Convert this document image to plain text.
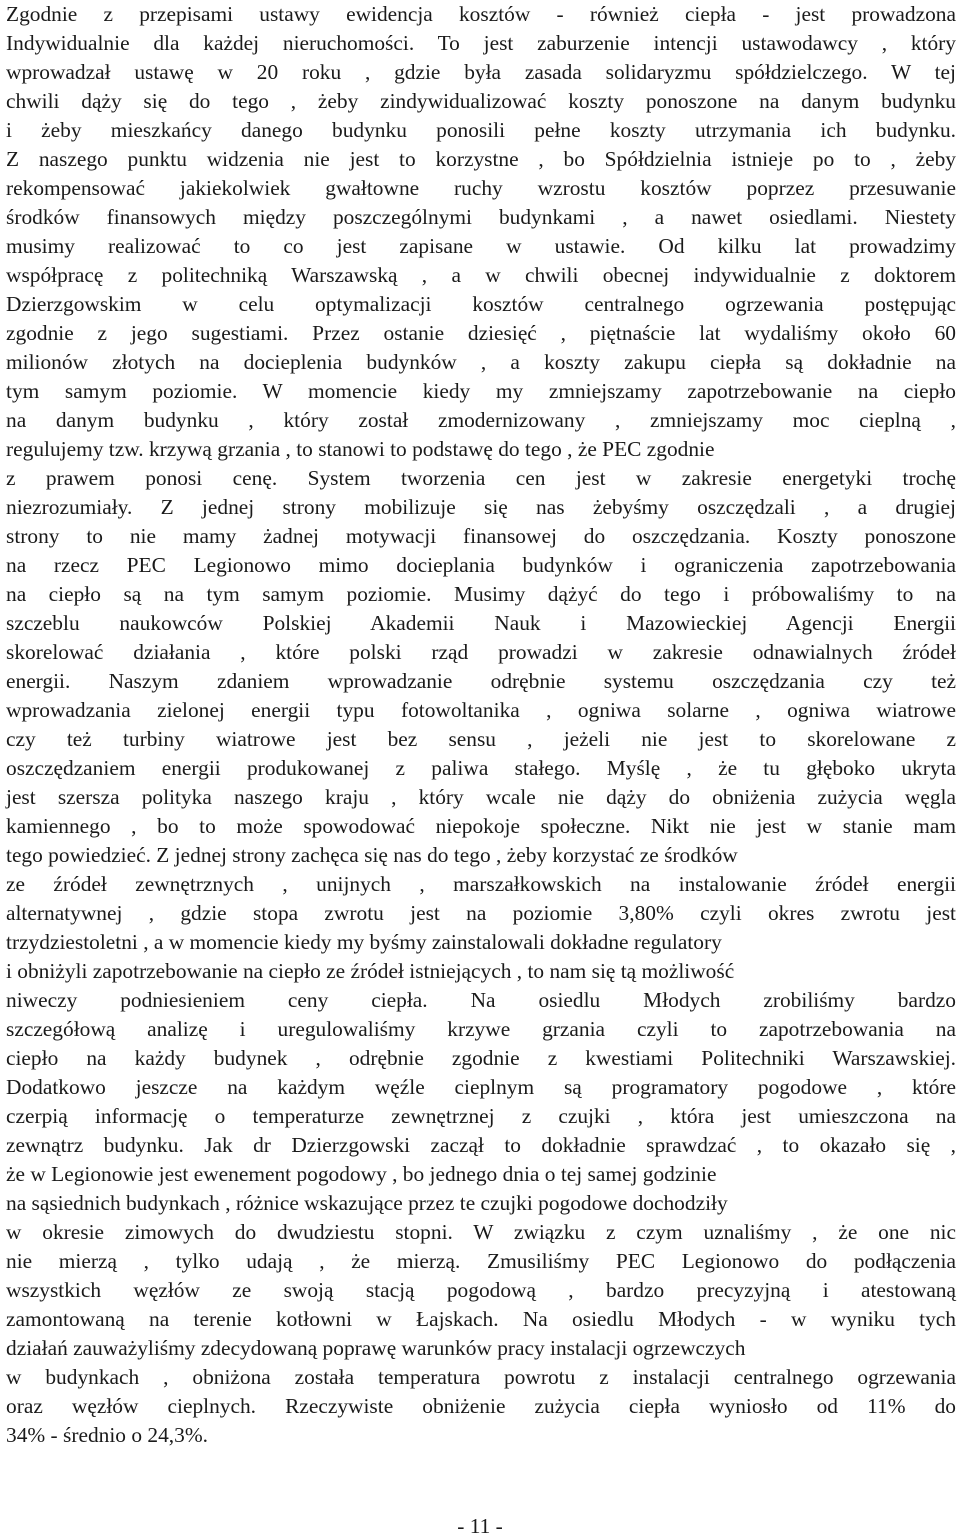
Zgodnie z przepisami ustawy ewidencja kosztów - również ciepła - jest prowadzona
Indywidualnie dla każdej nieruchomości. To jest zaburzenie intencji ustawodawcy , który
wprowadzał ustawę w 20 roku , gdzie była zasada solidaryzmu spółdzielczego. W tej
chwili dąży się do tego , żeby zindywidualizować koszty ponoszone na danym budynku
i żeby mieszkańcy danego budynku ponosili pełne koszty utrzymania ich budynku.
Z naszego punktu widzenia nie jest to korzystne , bo Spółdzielnia istnieje po to , żeby
rekompensować jakiekolwiek gwałtowne ruchy wzrostu kosztów poprzez przesuwanie
środków finansowych między poszczególnymi budynkami , a nawet osiedlami. Niestety
musimy realizować to co jest zapisane w ustawie. Od kilku lat prowadzimy
współpracę z politechniką Warszawską , a w chwili obecnej indywidualnie z doktorem
Dzierzgowskim w celu optymalizacji kosztów centralnego ogrzewania postępując
zgodnie z jego sugestiami. Przez ostanie dziesięć , piętnaście lat wydaliśmy około 60
milionów złotych na docieplenia budynków , a koszty zakupu ciepła są dokładnie na
tym samym poziomie. W momencie kiedy my zmniejszamy zapotrzebowanie na ciepło
na danym budynku , który został zmodernizowany , zmniejszamy moc cieplną ,
regulujemy tzw. krzywą grzania , to stanowi to podstawę do tego , że PEC zgodnie
z prawem ponosi cenę. System tworzenia cen jest w zakresie energetyki trochę
niezrozumiały. Z jednej strony mobilizuje się nas żebyśmy oszczędzali , a drugiej
strony to nie mamy żadnej motywacji finansowej do oszczędzania. Koszty ponoszone
na rzecz PEC Legionowo mimo docieplania budynków i ograniczenia zapotrzebowania
na ciepło są na tym samym poziomie. Musimy dążyć do tego i próbowaliśmy to na
szczeblu naukowców Polskiej Akademii Nauk i Mazowieckiej Agencji Energii
skorelować działania , które polski rząd prowadzi w zakresie odnawialnych źródeł
energii. Naszym zdaniem wprowadzanie odrębnie systemu oszczędzania czy też
wprowadzania zielonej energii typu fotowoltanika , ogniwa solarne , ogniwa wiatrowe
czy też turbiny wiatrowe jest bez sensu , jeżeli nie jest to skorelowane z
oszczędzaniem energii produkowanej z paliwa stałego. Myślę , że tu głęboko ukryta
jest szersza polityka naszego kraju , który wcale nie dąży do obniżenia zużycia węgla
kamiennego , bo to może spowodować niepokoje społeczne. Nikt nie jest w stanie mam
tego powiedzieć. Z jednej strony zachęca się nas do tego , żeby korzystać ze środków
ze źródeł zewnętrznych , unijnych , marszałkowskich na instalowanie źródeł energii
alternatywnej , gdzie stopa zwrotu jest na poziomie 3,80% czyli okres zwrotu jest
trzydziestoletni , a w momencie kiedy my byśmy zainstalowali dokładne regulatory
i obniżyli zapotrzebowanie na ciepło ze źródeł istniejących , to nam się tą możliwość
niweczy podniesieniem ceny ciepła. Na osiedlu Młodych zrobiliśmy bardzo
szczegółową analizę i uregulowaliśmy krzywe grzania czyli to zapotrzebowania na
ciepło na każdy budynek , odrębnie zgodnie z kwestiami Politechniki Warszawskiej.
Dodatkowo jeszcze na każdym węźle cieplnym są programatory pogodowe , które
czerpią informację o temperaturze zewnętrznej z czujki , która jest umieszczona na
zewnątrz budynku. Jak dr Dzierzgowski zaczął to dokładnie sprawdzać , to okazało się ,
że w Legionowie jest ewenement pogodowy , bo jednego dnia o tej samej godzinie
na sąsiednich budynkach , różnice wskazujące przez te czujki pogodowe dochodziły
w okresie zimowych do dwudziestu stopni. W związku z czym uznaliśmy , że one nic
nie mierzą , tylko udają , że mierzą. Zmusiliśmy PEC Legionowo do podłączenia
wszystkich węzłów ze swoją stacją pogodową , bardzo precyzyjną i atestowaną
zamontowaną na terenie kotłowni w Łajskach. Na osiedlu Młodych - w wyniku tych
działań zauważyliśmy zdecydowaną poprawę warunków pracy instalacji ogrzewczych
w budynkach , obniżona została temperatura powrotu z instalacji centralnego ogrzewania
oraz węzłów cieplnych. Rzeczywiste obniżenie zużycia ciepła wyniosło od 11% do
34% - średnio o 24,3%.
- 11 -
